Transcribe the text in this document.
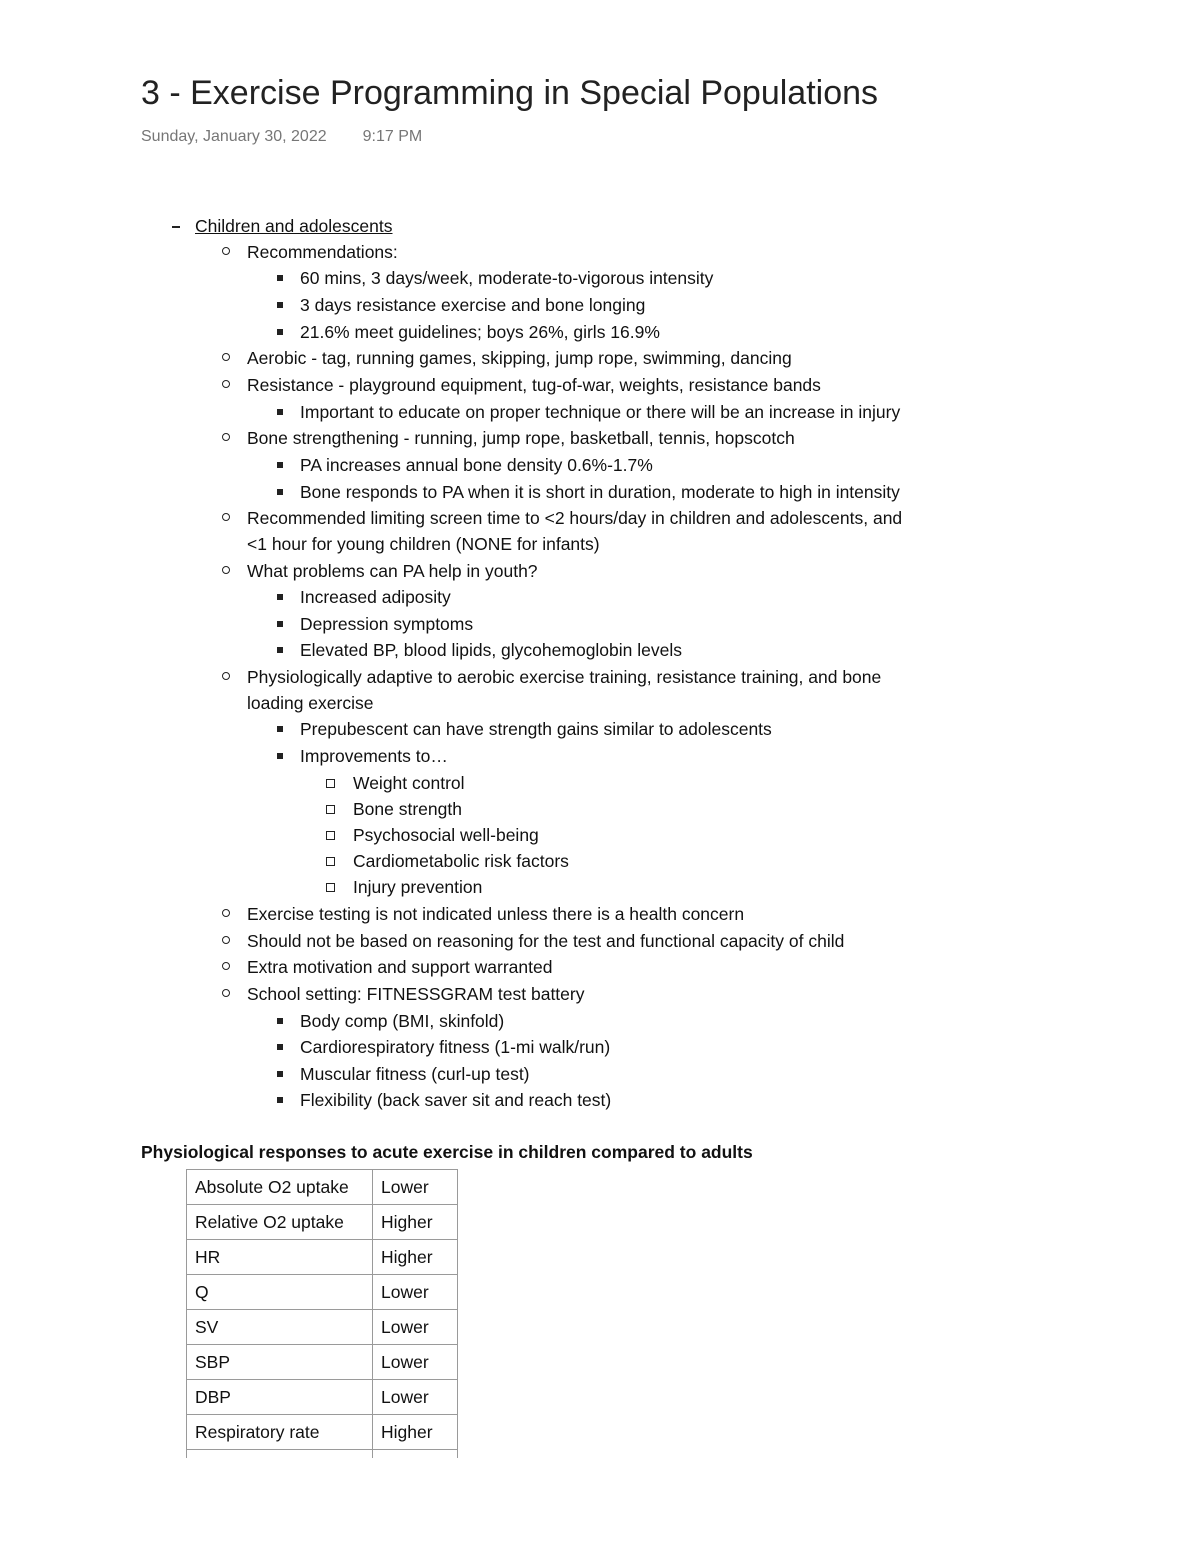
3 - Exercise Programming in Special Populations
Sunday, January 30, 2022 9:17 PM
Children and adolescents
Recommendations:
60 mins, 3 days/week, moderate-to-vigorous intensity
3 days resistance exercise and bone longing
21.6% meet guidelines; boys 26%, girls 16.9%
Aerobic - tag, running games, skipping, jump rope, swimming, dancing
Resistance - playground equipment, tug-of-war, weights, resistance bands
Important to educate on proper technique or there will be an increase in injury
Bone strengthening - running, jump rope, basketball, tennis, hopscotch
PA increases annual bone density 0.6%-1.7%
Bone responds to PA when it is short in duration, moderate to high in intensity
Recommended limiting screen time to <2 hours/day in children and adolescents, and
<1 hour for young children (NONE for infants)
What problems can PA help in youth?
Increased adiposity
Depression symptoms
Elevated BP, blood lipids, glycohemoglobin levels
Physiologically adaptive to aerobic exercise training, resistance training, and bone
loading exercise
Prepubescent can have strength gains similar to adolescents
Improvements to…
Weight control
Bone strength
Psychosocial well-being
Cardiometabolic risk factors
Injury prevention
Exercise testing is not indicated unless there is a health concern
Should not be based on reasoning for the test and functional capacity of child
Extra motivation and support warranted
School setting: FITNESSGRAM test battery
Body comp (BMI, skinfold)
Cardiorespiratory fitness (1-mi walk/run)
Muscular fitness (curl-up test)
Flexibility (back saver sit and reach test)
Physiological responses to acute exercise in children compared to adults
Absolute O2 uptake	Lower
Relative O2 uptake	Higher
HR	Higher
Q	Lower
SV	Lower
SBP	Lower
DBP	Lower
Respiratory rate	Higher
